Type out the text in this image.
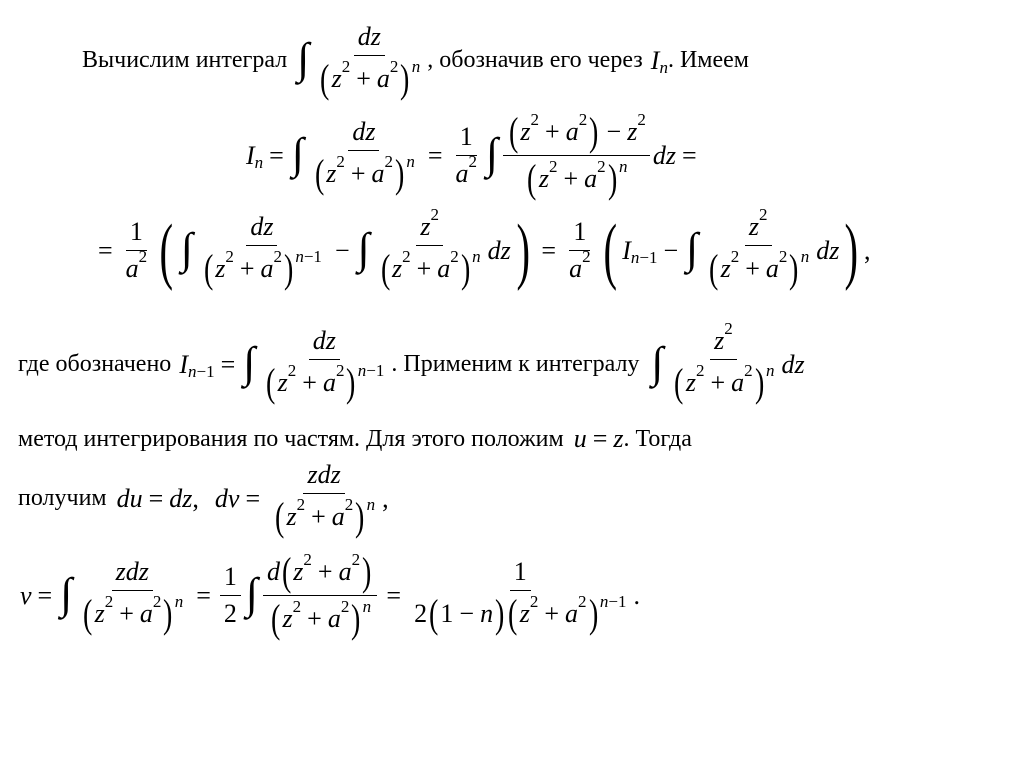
Вычислим интеграл ∫ $\frac{dz}{( z^2 + a^2 )^n}$ , обозначив его через $I_n$ . Имеем
$I_n$ = ∫ $\frac{dz}{( z^2 + a^2 )^n} = \frac{1}{a^2}$ ∫ $\frac{( z^2 + a^2 ) - z^2}{( z^2 + a^2 )^n}$ dz =
= $\frac{1}{a^2}$ ( ∫ $\frac{dz}{( z^2 + a^2 ) ^{n-1}}$ − ∫ $\frac{z^2}{( z^2 + a^2 )^n}$ dz ) = $\frac{1}{a^2}$ ( I $_{n-1}$ − ∫ $\frac{z^2}{( z^2 + a^2 )^n}$ dz ) ,
где обозначено I $_{n-1}$ = ∫ $\frac{dz}{( z^2 + a^2 ) ^{n-1}}$ . Применим к интегралу ∫ $\frac{z^2}{( z^2 + a^2 )^n}$ dz
метод интегрирования по частям. Для этого положим u = z . Тогда
получим du = dz , dv = $\frac{\text{zdz}}{( z^2 + a^2 )^n}$ ,
v = ∫ $\frac{\text{zdz}}{( z^2 + a^2 )^n} = \frac{1}{2}$ ∫ $\frac{d ( z^2 + a^2 )}{( z^2 + a^2 )^n} = \frac{1}{2 ( 1 - n ) ( z^2 + a^2 ) ^{n-1}}$ .
